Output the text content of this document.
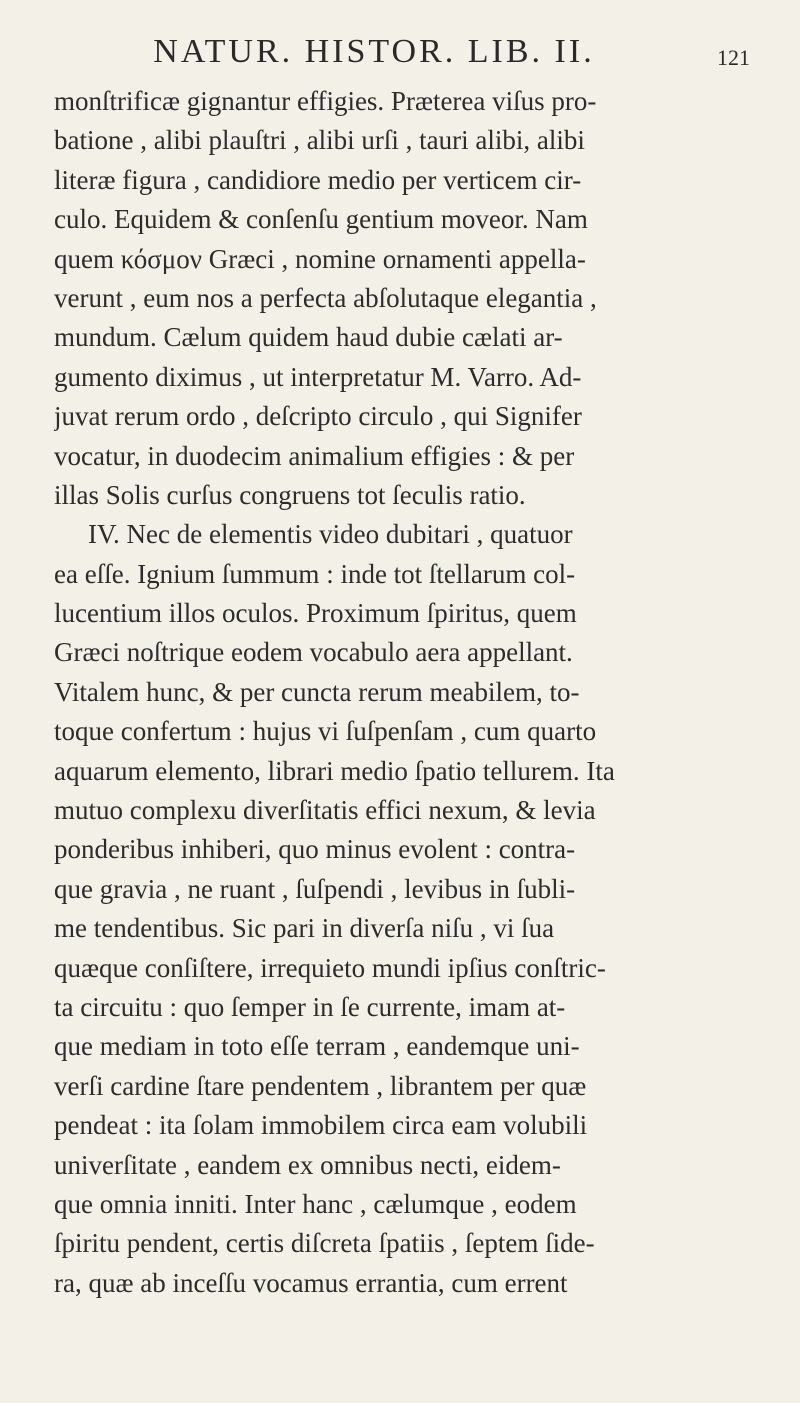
NATUR. HISTOR. LIB. II.	121
monſtrificæ gignantur effigies. Præterea viſus pro-
batione , alibi plauſtri , alibi urſi , tauri alibi, alibi
literæ figura , candidiore medio per verticem cir-
culo. Equidem & conſenſu gentium moveor. Nam
quem κόσμον Græci , nomine ornamenti appella-
verunt , eum nos a perfecta abſolutaque elegantia ,
mundum. Cælum quidem haud dubie cælati ar-
gumento diximus , ut interpretatur M. Varro. Ad-
juvat rerum ordo , deſcripto circulo , qui Signifer
vocatur, in duodecim animalium effigies : & per
illas Solis curſus congruens tot ſeculis ratio.
IV. Nec de elementis video dubitari , quatuor
ea eſſe. Ignium ſummum : inde tot ſtellarum col-
lucentium illos oculos. Proximum ſpiritus, quem
Græci noſtrique eodem vocabulo aera appellant.
Vitalem hunc, & per cuncta rerum meabilem, to-
toque confertum : hujus vi ſuſpenſam , cum quarto
aquarum elemento, librari medio ſpatio tellurem. Ita
mutuo complexu diverſitatis effici nexum, & levia
ponderibus inhiberi, quo minus evolent : contra-
que gravia , ne ruant , ſuſpendi , levibus in ſubli-
me tendentibus. Sic pari in diverſa niſu , vi ſua
quæque conſiſtere, irrequieto mundi ipſius conſtric-
ta circuitu : quo ſemper in ſe currente, imam at-
que mediam in toto eſſe terram , eandemque uni-
verſi cardine ſtare pendentem , librantem per quæ
pendeat : ita ſolam immobilem circa eam volubili
univerſitate , eandem ex omnibus necti, eidem-
que omnia inniti. Inter hanc , cælumque , eodem
ſpiritu pendent, certis diſcreta ſpatiis , ſeptem ſide-
ra, quæ ab inceſſu vocamus errantia, cum errent
